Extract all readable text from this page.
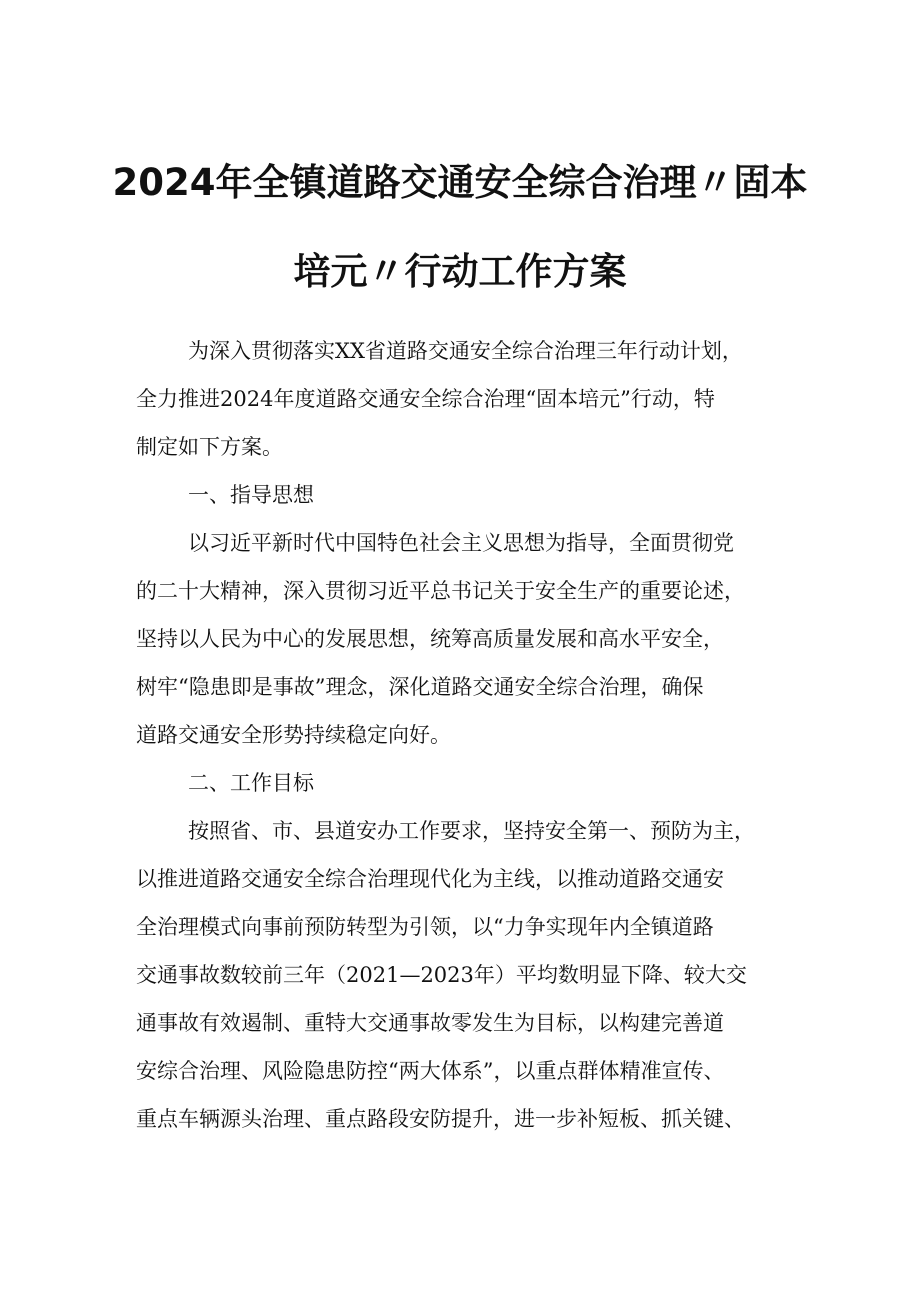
2024年全镇道路交通安全综合治理〃固本
培元〃行动工作方案
为深入贯彻落实XX省道路交通安全综合治理三年行动计划，
全力推进2024年度道路交通安全综合治理“固本培元”行动，特
制定如下方案。
一、指导思想
以习近平新时代中国特色社会主义思想为指导，全面贯彻党
的二十大精神，深入贯彻习近平总书记关于安全生产的重要论述，
坚持以人民为中心的发展思想，统筹高质量发展和高水平安全，
树牢“隐患即是事故”理念，深化道路交通安全综合治理，确保
道路交通安全形势持续稳定向好。
二、工作目标
按照省、市、县道安办工作要求，坚持安全第一、预防为主，
以推进道路交通安全综合治理现代化为主线，以推动道路交通安
全治理模式向事前预防转型为引领，以“力争实现年内全镇道路
交通事故数较前三年（2021—2023年）平均数明显下降、较大交
通事故有效遏制、重特大交通事故零发生为目标，以构建完善道
安综合治理、风险隐患防控“两大体系”，以重点群体精准宣传、
重点车辆源头治理、重点路段安防提升，进一步补短板、抓关键、
